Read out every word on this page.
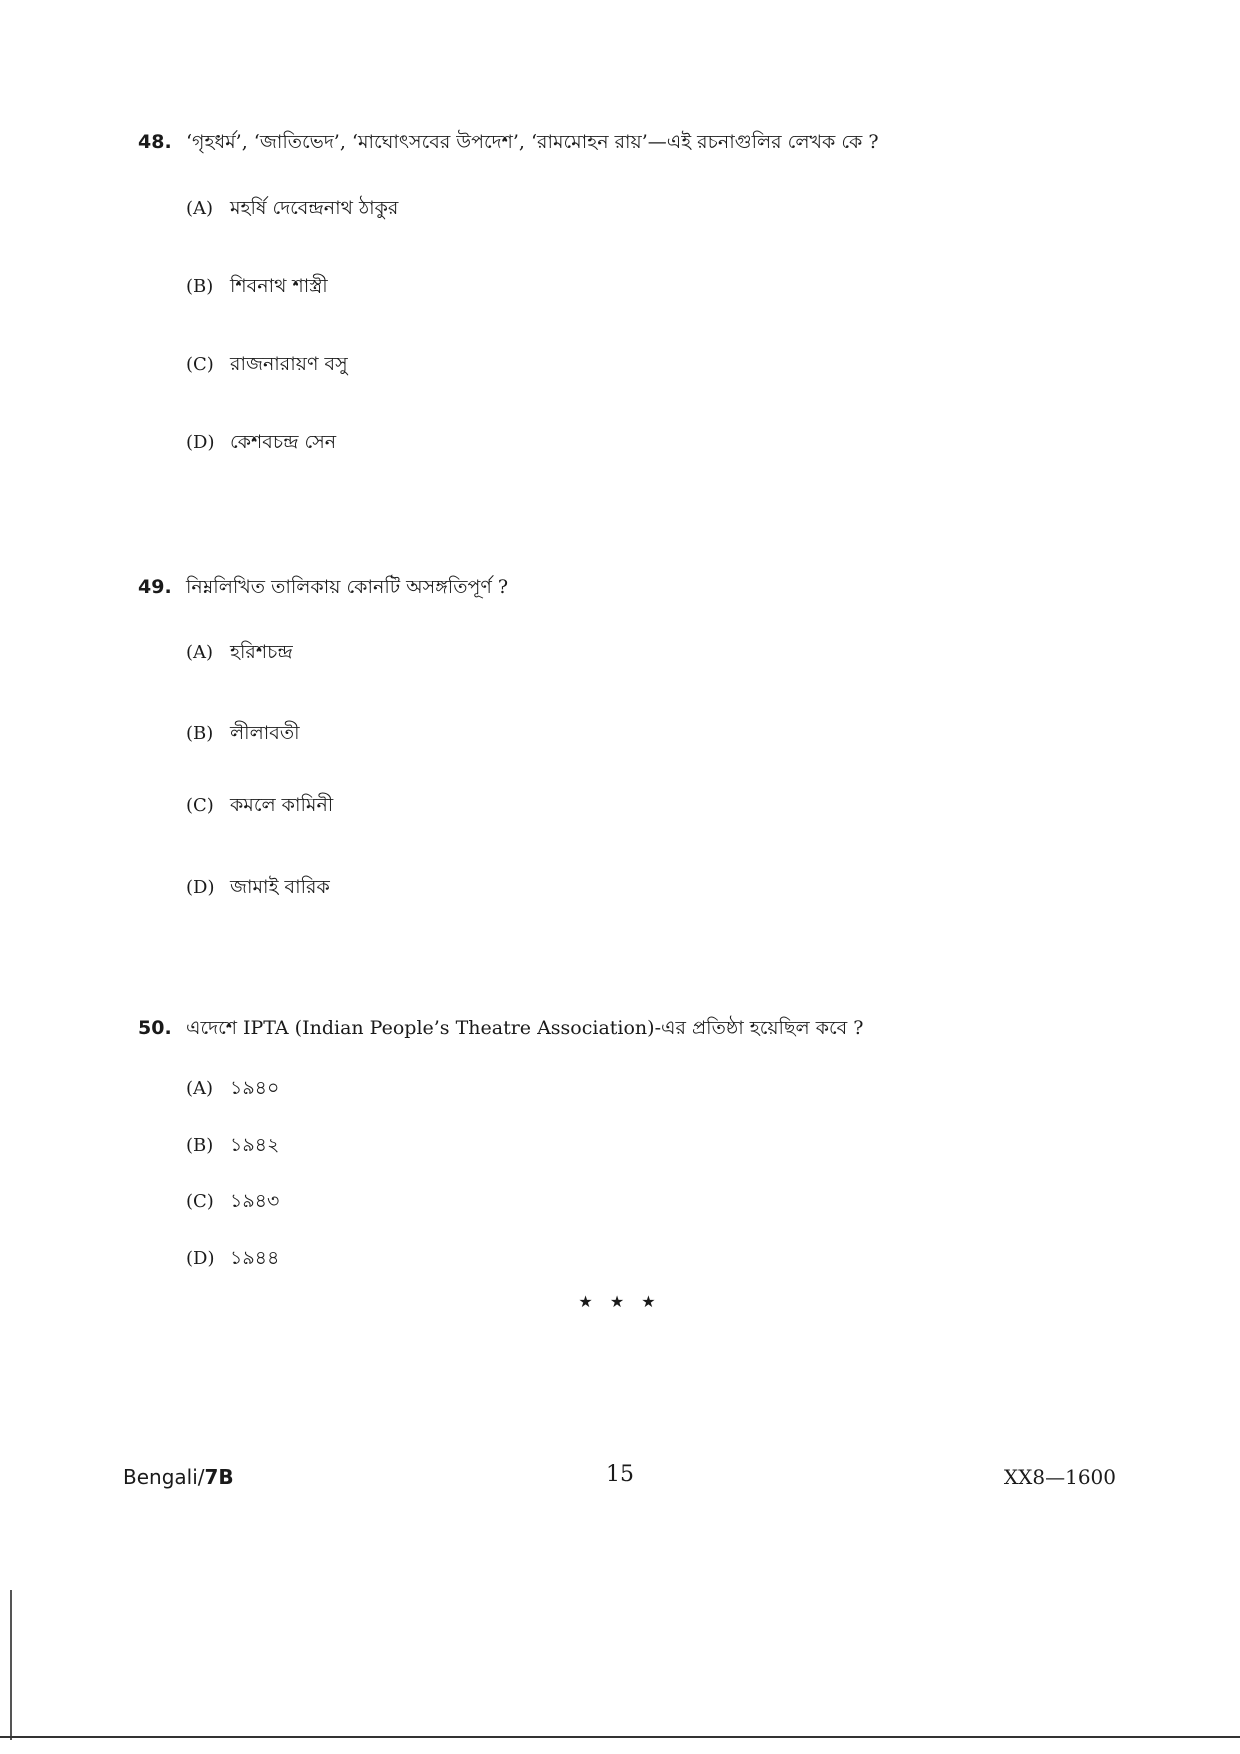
48. ‘গৃহধর্ম’, ‘জাতিভেদ’, ‘মাঘোৎসবের উপদেশ’, ‘রামমোহন রায়’—এই রচনাগুলির লেখক কে ?
(A) মহর্ষি দেবেন্দ্রনাথ ঠাকুর
(B) শিবনাথ শাস্ত্রী
(C) রাজনারায়ণ বসু
(D) কেশবচন্দ্র সেন
49. নিম্নলিখিত তালিকায় কোনটি অসঙ্গতিপূর্ণ ?
(A) হরিশচন্দ্র
(B) লীলাবতী
(C) কমলে কামিনী
(D) জামাই বারিক
50. এদেশে IPTA (Indian People’s Theatre Association)-এর প্রতিষ্ঠা হয়েছিল কবে ?
(A) ১৯৪০
(B) ১৯৪২
(C) ১৯৪৩
(D) ১৯৪৪
★ ★ ★
Bengali/7B	15	XX8—1600
